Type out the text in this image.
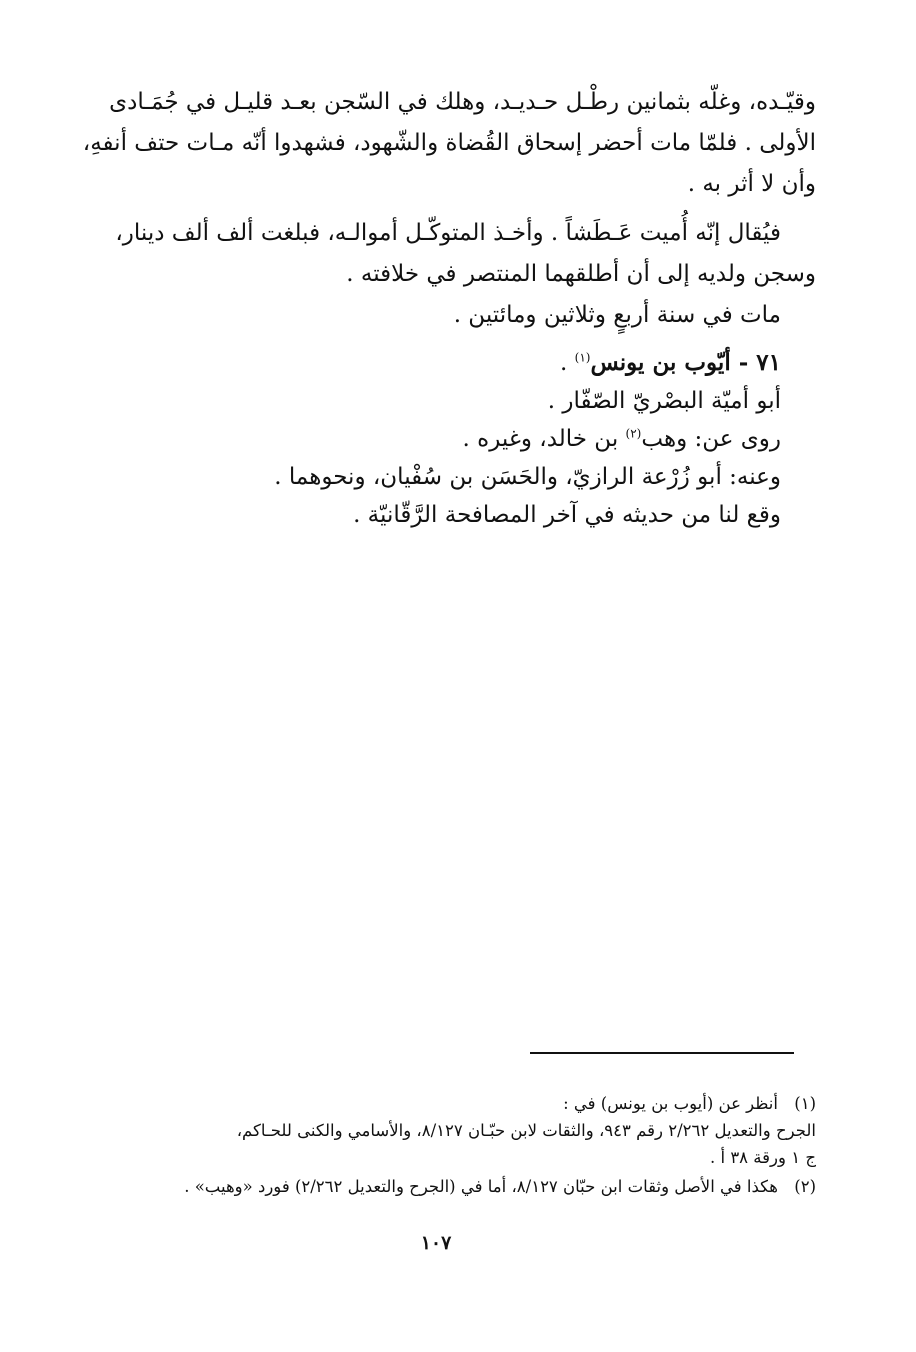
وقيّـده، وغلّه بثمانين رطْـل حـديـد، وهلك في السّجن بعـد قليـل في جُمَـادى
الأولى . فلمّا مات أحضر إسحاق القُضاة والشّهود، فشهدوا أنّه مـات حتف أنفهِ،
وأن لا أثر به .
فيُقال إنّه أُميت عَـطَشاً . وأخـذ المتوكّـل أموالـه، فبلغت ألف ألف دينار،
وسجن ولديه إلى أن أطلقهما المنتصر في خلافته .
مات في سنة أربعٍ وثلاثين ومائتين .
٧١ - أيّوب بن يونس$^{(١)}$ .
أبو أميّة البصْريّ الصّفّار .
روى عن: وهب$^{(٢)}$ بن خالد، وغيره .
وعنه: أبو زُرْعة الرازيّ، والحَسَن بن سُفْيان، ونحوهما .
وقع لنا من حديثه في آخر المصافحة الرَّقّانيّة .
(١)
أنظر عن (أيوب بن يونس) في :
الجرح والتعديل ٢/٢٦٢ رقم ٩٤٣، والثقات لابن حبّـان ٨/١٢٧، والأسامي والكنى للحـاكم،
ج ١ ورقة ٣٨ أ .
(٢)
هكذا في الأصل وثقات ابن حبّان ٨/١٢٧، أما في (الجرح والتعديل ٢/٢٦٢) فورد «وهيب» .
١٠٧
